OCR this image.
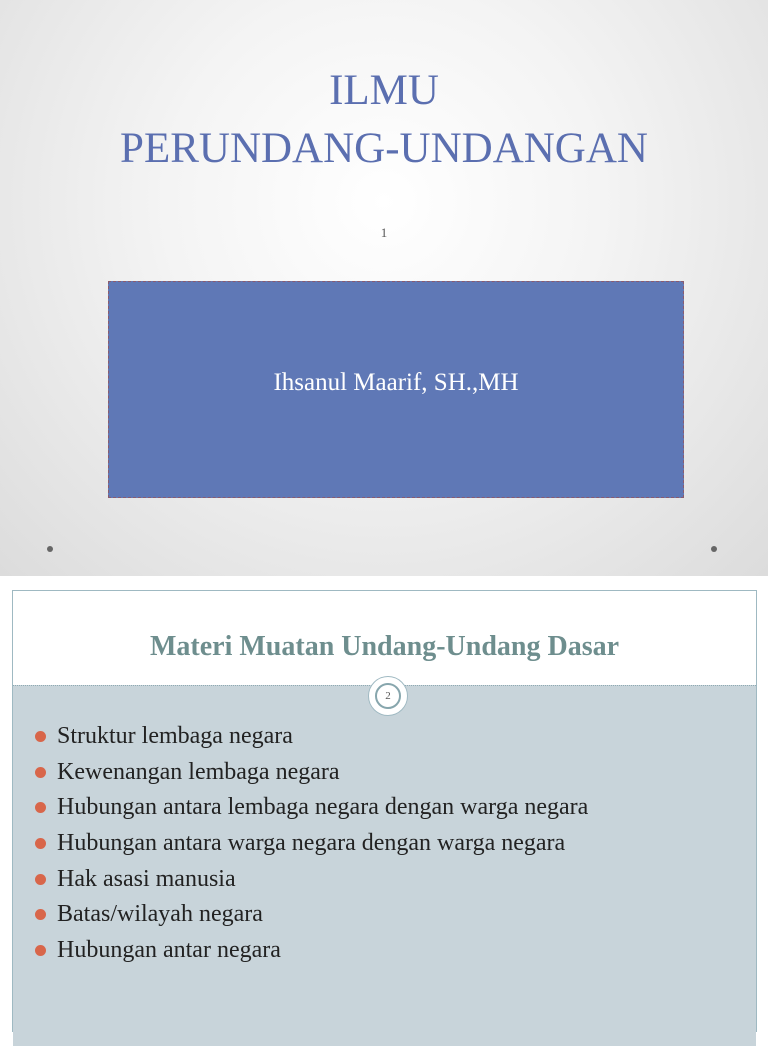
ILMU
PERUNDANG-UNDANGAN
1
Ihsanul Maarif, SH.,MH
Materi Muatan Undang-Undang Dasar
2
Struktur lembaga negara
Kewenangan lembaga negara
Hubungan antara lembaga negara dengan warga negara
Hubungan antara warga negara dengan warga negara
Hak asasi manusia
Batas/wilayah negara
Hubungan antar negara
